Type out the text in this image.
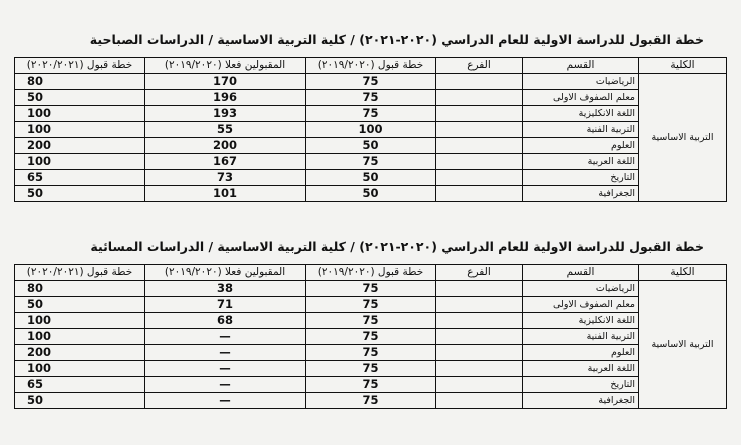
خطة القبول للدراسة الاولية للعام الدراسي (٢٠٢٠-٢٠٢١) / كلية التربية الاساسية / الدراسات الصباحية
الكلية	القسم	الفرع	خطة قبول (٢٠١٩/٢٠٢٠)	المقبولين فعلا (٢٠١٩/٢٠٢٠)	خطة قبول (٢٠٢٠/٢٠٢١)
التربية الاساسية	الرياضيات		75	170	80
	معلم الصفوف الاولى		75	196	50
	اللغة الانكليزية		75	193	100
	التربية الفنية		100	55	100
	العلوم		50	200	200
	اللغة العربية		75	167	100
	التاريخ		50	73	65
	الجغرافية		50	101	50
خطة القبول للدراسة الاولية للعام الدراسي (٢٠٢٠-٢٠٢١) / كلية التربية الاساسية / الدراسات المسائية
الكلية	القسم	الفرع	خطة قبول (٢٠١٩/٢٠٢٠)	المقبولين فعلا (٢٠١٩/٢٠٢٠)	خطة قبول (٢٠٢٠/٢٠٢١)
التربية الاساسية	الرياضيات		75	38	80
	معلم الصفوف الاولى		75	71	50
	اللغة الانكليزية		75	68	100
	التربية الفنية		75	—	100
	العلوم		75	—	200
	اللغة العربية		75	—	100
	التاريخ		75	—	65
	الجغرافية		75	—	50
